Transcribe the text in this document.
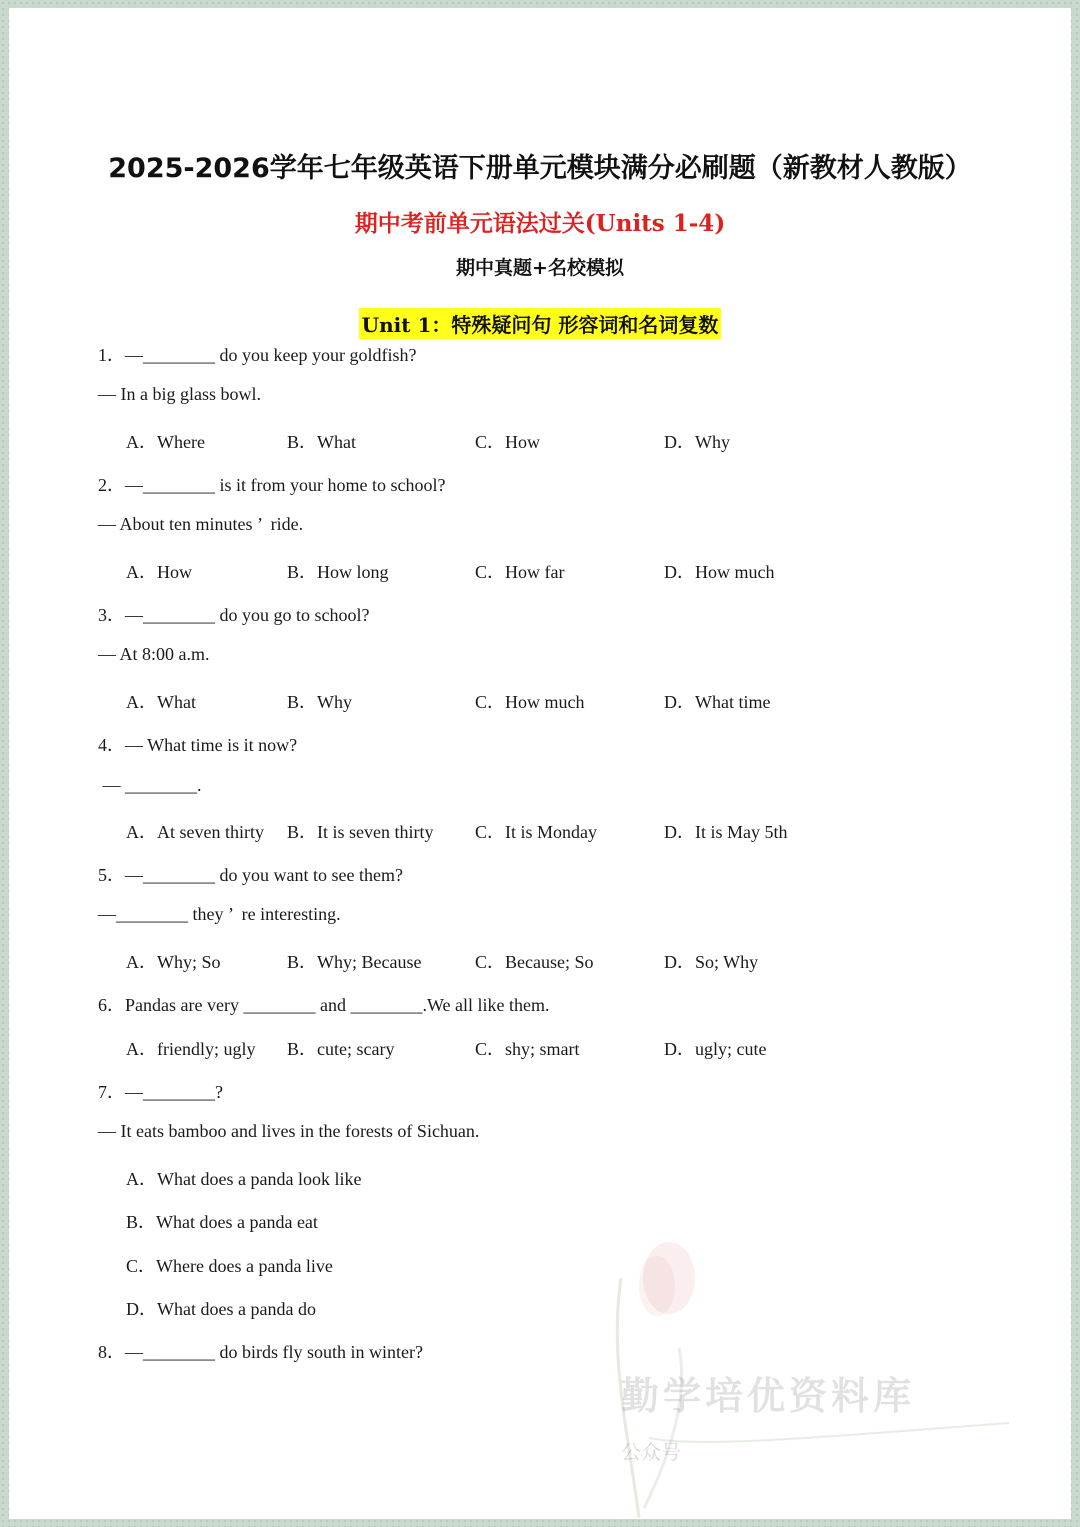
2025-2026学年七年级英语下册单元模块满分必刷题（新教材人教版）
期中考前单元语法过关(Units 1-4)
期中真题+名校模拟
Unit 1：特殊疑问句 形容词和名词复数
1．—________ do you keep your goldfish?
— In a big glass bowl.
A．Where	B．What	C．How	D．Why
2．—________ is it from your home to school?
— About ten minutes ’  ride.
A．How	B．How long	C．How far	D．How much
3．—________ do you go to school?
— At 8:00 a.m.
A．What	B．Why	C．How much	D．What time
4．— What time is it now?
— ________.
A．At seven thirty B．It is seven thirty C．It is Monday	D．It is May 5th
5．—________ do you want to see them?
—________ they ’  re interesting.
A．Why; So	B．Why; Because	C．Because; So	D．So; Why
6．Pandas are very ________ and ________.We all like them.
A．friendly; ugly B．cute; scary	C．shy; smart	D．ugly; cute
7．—________?
— It eats bamboo and lives in the forests of Sichuan.
A．What does a panda look like
B．What does a panda eat
C．Where does a panda live
D．What does a panda do
8．—________ do birds fly south in winter?
勤学培优资料库
公众号
